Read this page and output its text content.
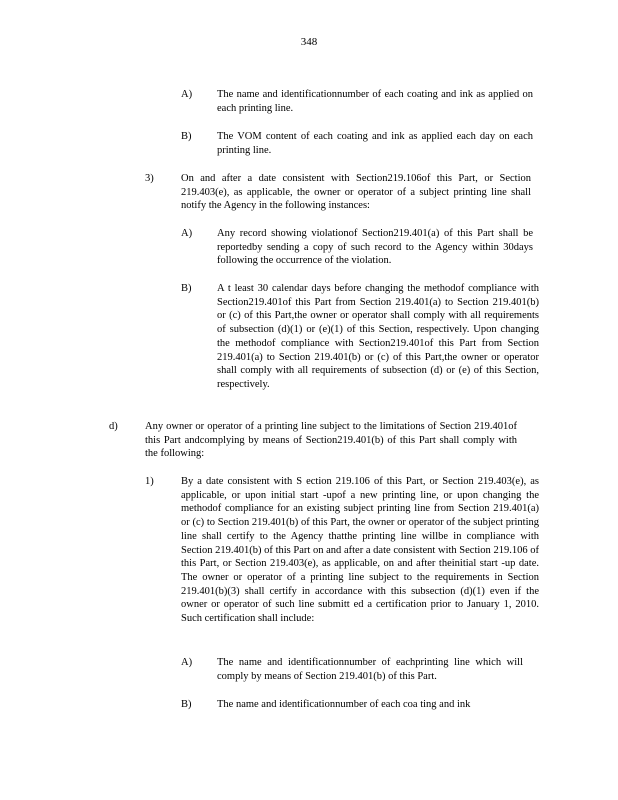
348
A) The name and identificationnumber of each coating and ink as applied on each printing line.
B) The VOM content of each coating and ink as applied each day on each printing line.
3)	On and after a date consistent with Section219.106of this Part, or Section 219.403(e), as applicable, the owner or operator of a subject printing line shall notify the Agency in the following instances:
A) Any record showing violationof Section219.401(a) of this Part shall be reportedby sending a copy of such record to the Agency within 30days following the occurrence of the violation.
B) A t least 30 calendar days before changing the methodof compliance with Section219.401of this Part from Section 219.401(a) to Section 219.401(b) or (c) of this Part,the owner or operator shall comply with all requirements of subsection (d)(1) or (e)(1) of this Section, respectively. Upon changing the methodof compliance with Section219.401of this Part from Section 219.401(a) to Section 219.401(b) or (c) of this Part,the owner or operator shall comply with all requirements of subsection (d) or (e) of this Section, respectively.
d)	Any owner or operator of a printing line subject to the limitations of Section 219.401of this Part andcomplying by means of Section219.401(b) of this Part shall comply with the following:
1)	By a date consistent with S ection 219.106 of this Part, or Section 219.403(e), as applicable, or upon initial start -upof a new printing line, or upon changing the methodof compliance for an existing subject printing line from Section 219.401(a) or (c) to Section 219.401(b) of this Part, the owner or operator of the subject printing line shall certify to the Agency thatthe printing line willbe in compliance with Section 219.401(b) of this Part on and after a date consistent with Section 219.106 of this Part, or Section 219.403(e), as applicable, on and after theinitial start -up date. The owner or operator of a printing line subject to the requirements in Section 219.401(b)(3) shall certify in accordance with this subsection (d)(1) even if the owner or operator of such line submitt ed a certification prior to January 1, 2010. Such certification shall include:
A) The name and identificationnumber of eachprinting line which will comply by means of Section 219.401(b) of this Part.
B) The name and identificationnumber of each coa ting and ink
